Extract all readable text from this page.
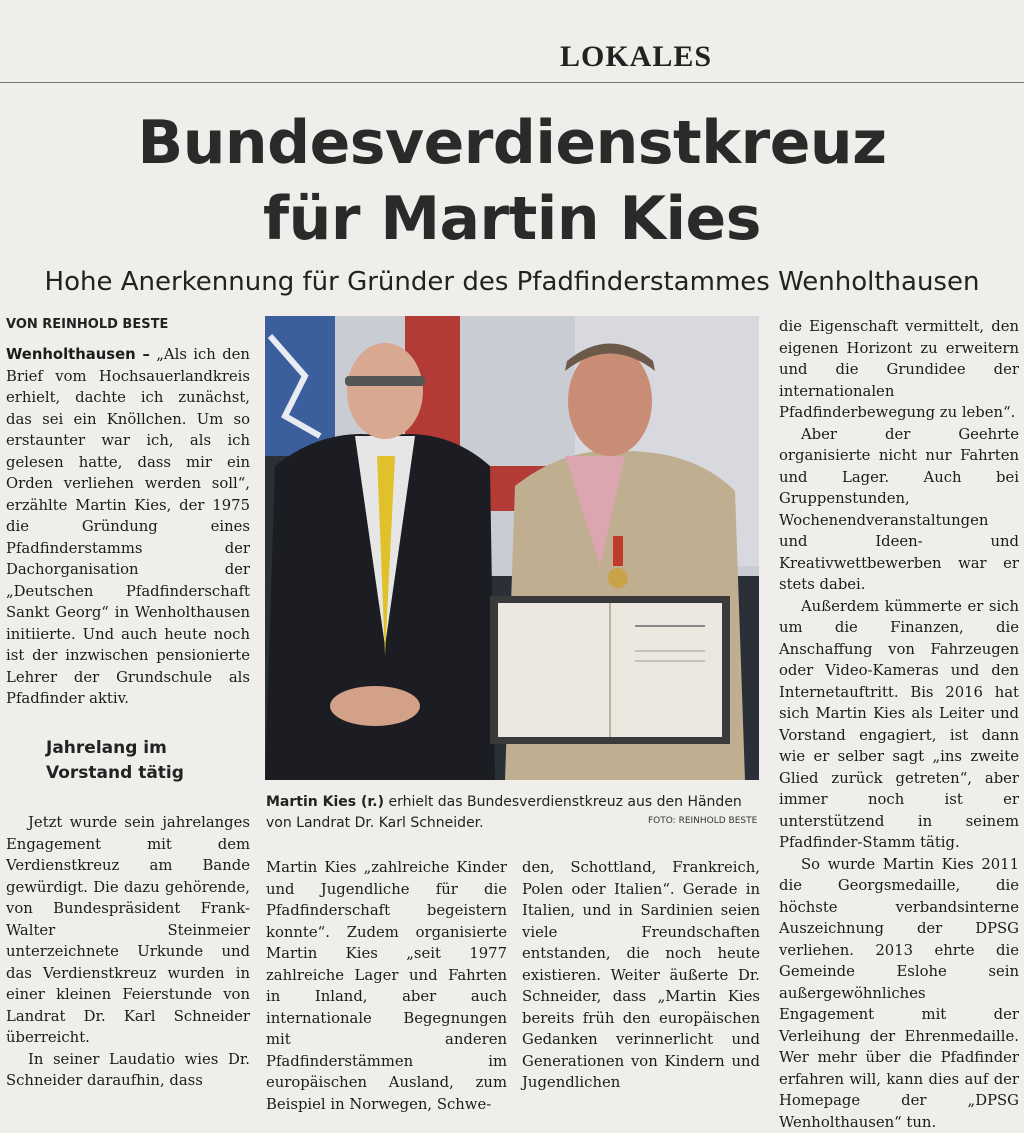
LOKALES
Bundesverdienstkreuz
für Martin Kies
Hohe Anerkennung für Gründer des Pfadfinderstammes Wenholthausen
VON REINHOLD BESTE

Wenholthausen – „Als ich den Brief vom Hochsauerlandkreis erhielt, dachte ich zunächst, das sei ein Knöllchen. Um so erstaunter war ich, als ich gelesen hatte, dass mir ein Orden verliehen werden soll“, erzählte Martin Kies, der 1975 die Gründung eines Pfadfinderstamms der Dachorganisation der „Deutschen Pfadfinderschaft Sankt Georg“ in Wenholthausen initiierte. Und auch heute noch ist der inzwischen pensionierte Lehrer der Grundschule als Pfadfinder aktiv.

Jahrelang im Vorstand tätig

Jetzt wurde sein jahrelanges Engagement mit dem Verdienstkreuz am Bande gewürdigt. Die dazu gehörende, von Bundespräsident Frank-Walter Steinmeier unterzeichnete Urkunde und das Verdienstkreuz wurden in einer kleinen Feierstunde von Landrat Dr. Karl Schneider überreicht.

In seiner Laudatio wies Dr. Schneider daraufhin, dass

Martin Kies (r.) erhielt das Bundesverdienstkreuz aus den Händen von Landrat Dr. Karl Schneider.	FOTO: REINHOLD BESTE

Martin Kies „zahlreiche Kinder und Jugendliche für die Pfadfinderschaft begeistern konnte“. Zudem organisierte Martin Kies „seit 1977 zahlreiche Lager und Fahrten in Inland, aber auch internationale Begegnungen mit anderen Pfadfinderstämmen im europäischen Ausland, zum Beispiel in Norwegen, Schwe-

den, Schottland, Frankreich, Polen oder Italien“. Gerade in Italien, und in Sardinien seien viele Freundschaften entstanden, die noch heute existieren. Weiter äußerte Dr. Schneider, dass „Martin Kies bereits früh den europäischen Gedanken verinnerlicht und Generationen von Kindern und Jugendlichen

die Eigenschaft vermittelt, den eigenen Horizont zu erweitern und die Grundidee der internationalen Pfadfinderbewegung zu leben“.

Aber der Geehrte organisierte nicht nur Fahrten und Lager. Auch bei Gruppenstunden, Wochenendveranstaltungen und Ideen- und Kreativwettbewerben war er stets dabei.

Außerdem kümmerte er sich um die Finanzen, die Anschaffung von Fahrzeugen oder Video-Kameras und den Internetauftritt. Bis 2016 hat sich Martin Kies als Leiter und Vorstand engagiert, ist dann wie er selber sagt „ins zweite Glied zurück getreten“, aber immer noch ist er unterstützend in seinem Pfadfinder-Stamm tätig.

So wurde Martin Kies 2011 die Georgsmedaille, die höchste verbandsinterne Auszeichnung der DPSG verliehen. 2013 ehrte die Gemeinde Eslohe sein außergewöhnliches Engagement mit der Verleihung der Ehrenmedaille. Wer mehr über die Pfadfinder erfahren will, kann dies auf der Homepage der „DPSG Wenholthausen“ tun.
